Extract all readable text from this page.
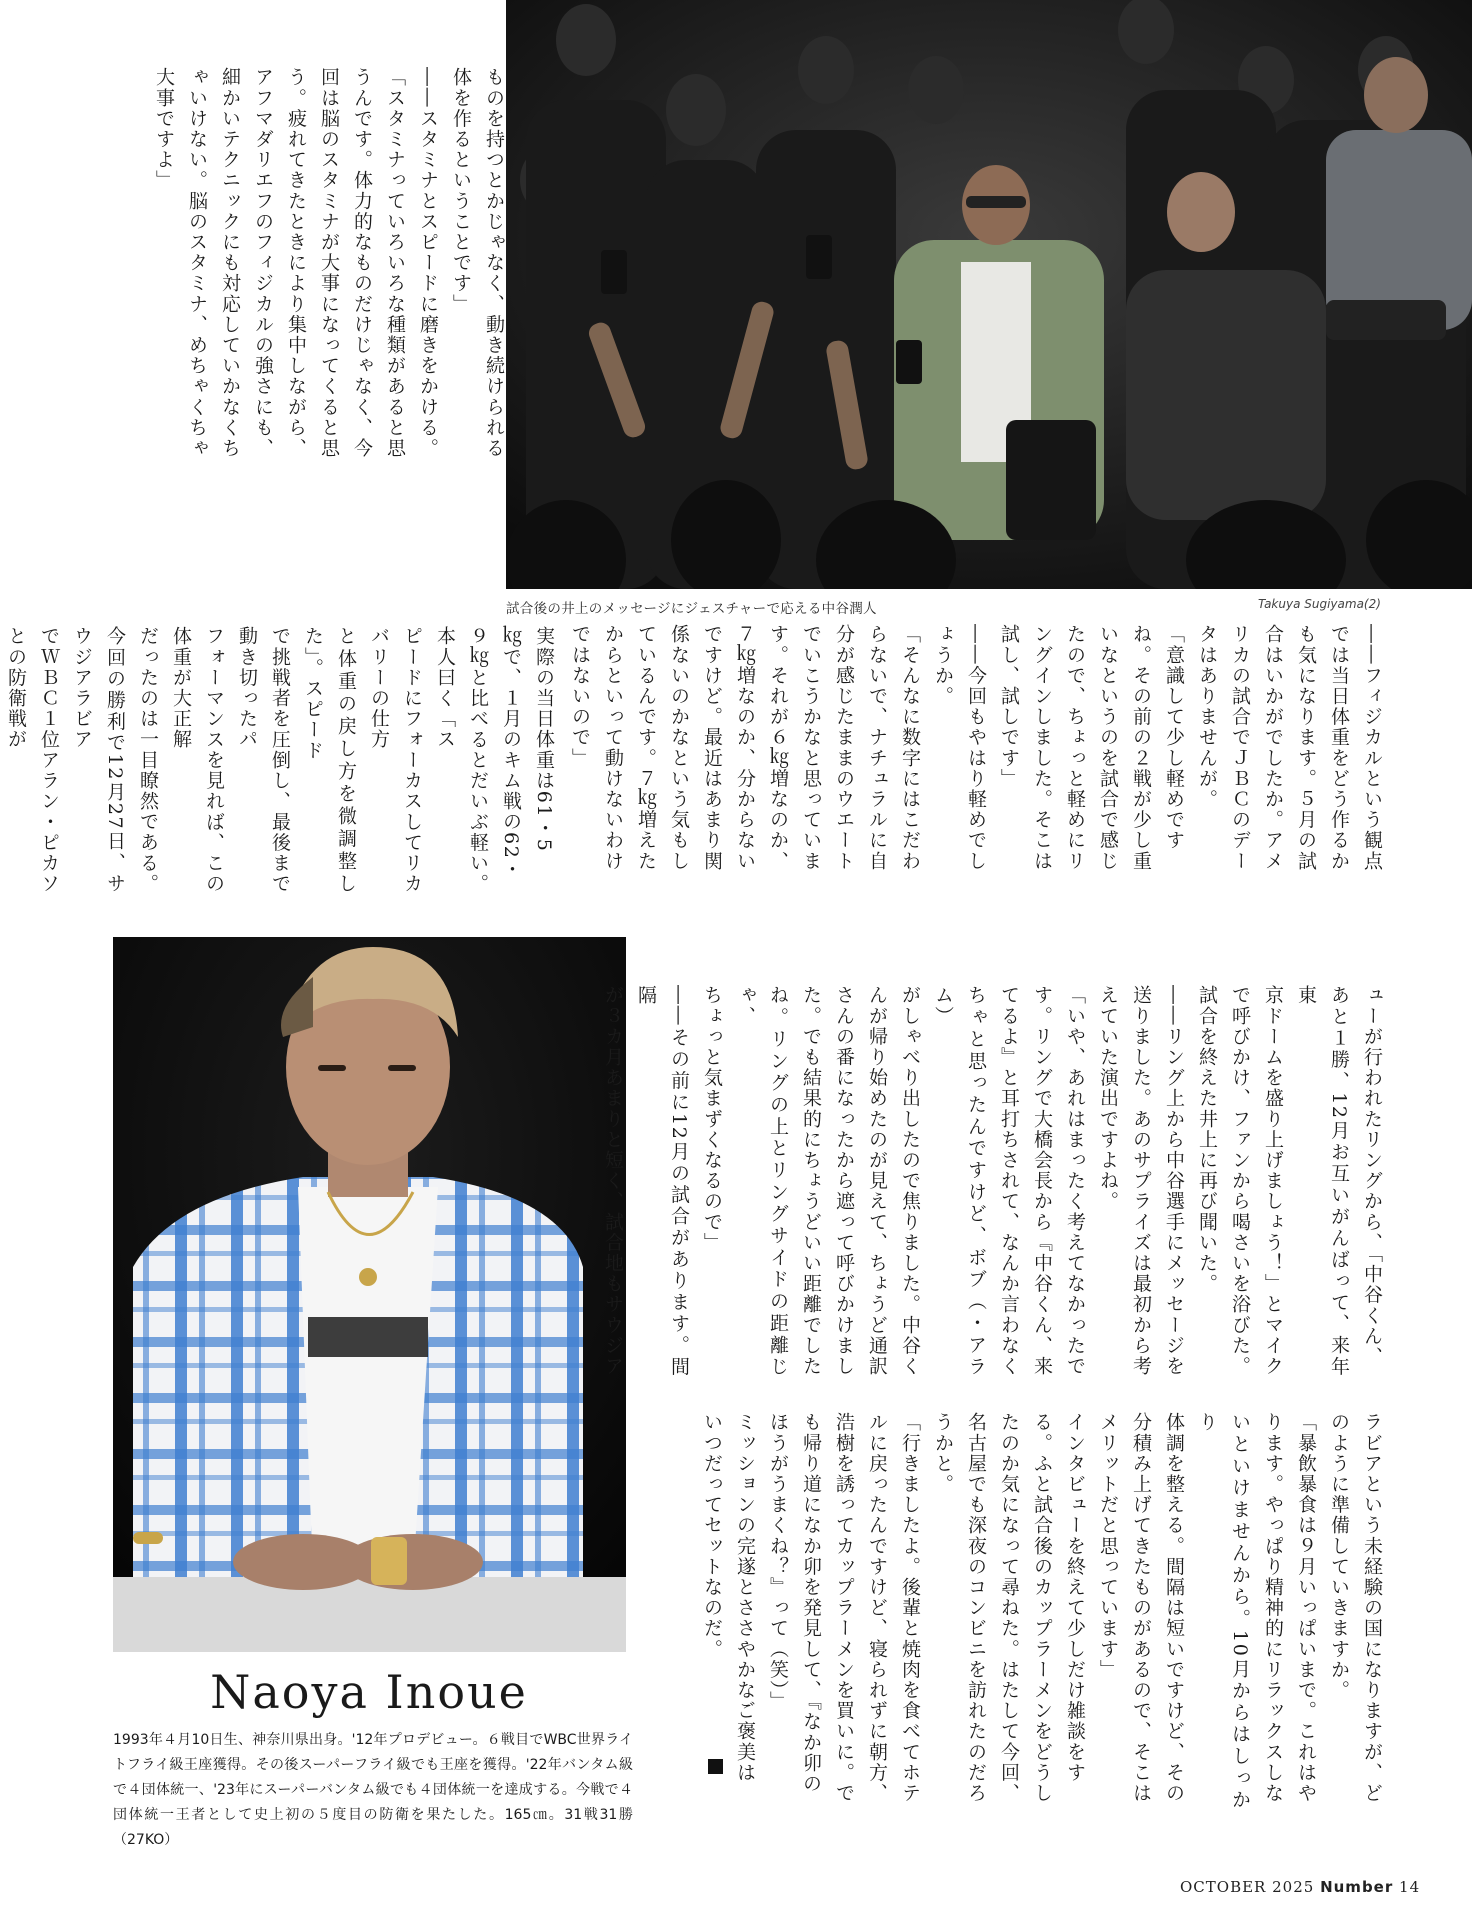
試合後の井上のメッセージにジェスチャーで応える中谷潤人	Takuya Sugiyama(2)
Naoya Inoue
1993年４月10日生、神奈川県出身。'12年プロデビュー。６戦目でWBC世界ライトフライ級王座獲得。その後スーパーフライ級でも王座を獲得。'22年バンタム級で４団体統一、'23年にスーパーバンタム級でも４団体統一を達成する。今戦で４団体統一王者として史上初の５度目の防衛を果たした。165㎝。31戦31勝（27KO）
ものを持つとかじゃなく、動き続けられる
体を作るということです」
――スタミナとスピードに磨きをかける。
「スタミナっていろいろな種類があると思
うんです。体力的なものだけじゃなく、今
回は脳のスタミナが大事になってくると思
う。疲れてきたときにより集中しながら、
アフマダリエフのフィジカルの強さにも、
細かいテクニックにも対応していかなくち
ゃいけない。脳のスタミナ、めちゃくちゃ
大事ですよ」
――フィジカルという観点
では当日体重をどう作るか
も気になります。５月の試
合はいかがでしたか。アメ
リカの試合でＪＢＣのデー
タはありませんが。
「意識して少し軽めです
ね。その前の２戦が少し重
いなというのを試合で感じ
たので、ちょっと軽めにリ
ングインしました。そこは
試し、試しです」
――今回もやはり軽めでし
ょうか。
「そんなに数字にはこだわ
らないで、ナチュラルに自
分が感じたままのウエート
でいこうかなと思っていま
す。それが６㎏増なのか、
７㎏増なのか、分からない
ですけど。最近はあまり関
係ないのかなという気もし
ているんです。７㎏増えた
からといって動けないわけ
ではないので」
実際の当日体重は61・5
㎏で、１月のキム戦の62・
９㎏と比べるとだいぶ軽い。本人曰く「ス
ピードにフォーカスしてリカバリーの仕方
と体重の戻し方を微調整した」。スピード
で挑戦者を圧倒し、最後まで動き切ったパ
フォーマンスを見れば、この体重が大正解
だったのは一目瞭然である。
今回の勝利で12月27日、サウジアラビア
でＷＢＣ１位アラン・ピカソとの防衛戦が

ューが行われたリングから、「中谷くん、
あと１勝、12月お互いがんばって、来年東
京ドームを盛り上げましょう！」とマイク
で呼びかけ、ファンから喝さいを浴びた。
試合を終えた井上に再び聞いた。
――リング上から中谷選手にメッセージを
送りました。あのサプライズは最初から考
えていた演出ですよね。
「いや、あれはまったく考えてなかったで
す。リングで大橋会長から『中谷くん、来
てるよ』と耳打ちされて、なんか言わなく
ちゃと思ったんですけど、ボブ（・アラム）
がしゃべり出したので焦りました。中谷く
んが帰り始めたのが見えて、ちょうど通訳
さんの番になったから遮って呼びかけまし
た。でも結果的にちょうどいい距離でした
ね。リングの上とリングサイドの距離じゃ、
ちょっと気まずくなるので」
――その前に12月の試合があります。間隔
が３カ月あまりと短く、試合地もサウジア
ラビアという未経験の国になりますが、ど
のように準備していきますか。
「暴飲暴食は９月いっぱいまで。これはや
ります。やっぱり精神的にリラックスしな
いといけませんから。10月からはしっかり
体調を整える。間隔は短いですけど、その
分積み上げてきたものがあるので、そこは
メリットだと思っています」
インタビューを終えて少しだけ雑談をす
る。ふと試合後のカップラーメンをどうし
たのか気になって尋ねた。はたして今回、
名古屋でも深夜のコンビニを訪れたのだろ
うかと。
「行きましたよ。後輩と焼肉を食べてホテ
ルに戻ったんですけど、寝られずに朝方、
浩樹を誘ってカップラーメンを買いに。で
も帰り道になか卯を発見して、『なか卯の
ほうがうまくね？』って（笑）」
ミッションの完遂とささやかなご褒美は
いつだってセットなのだ。
OCTOBER 2025 Number 14
